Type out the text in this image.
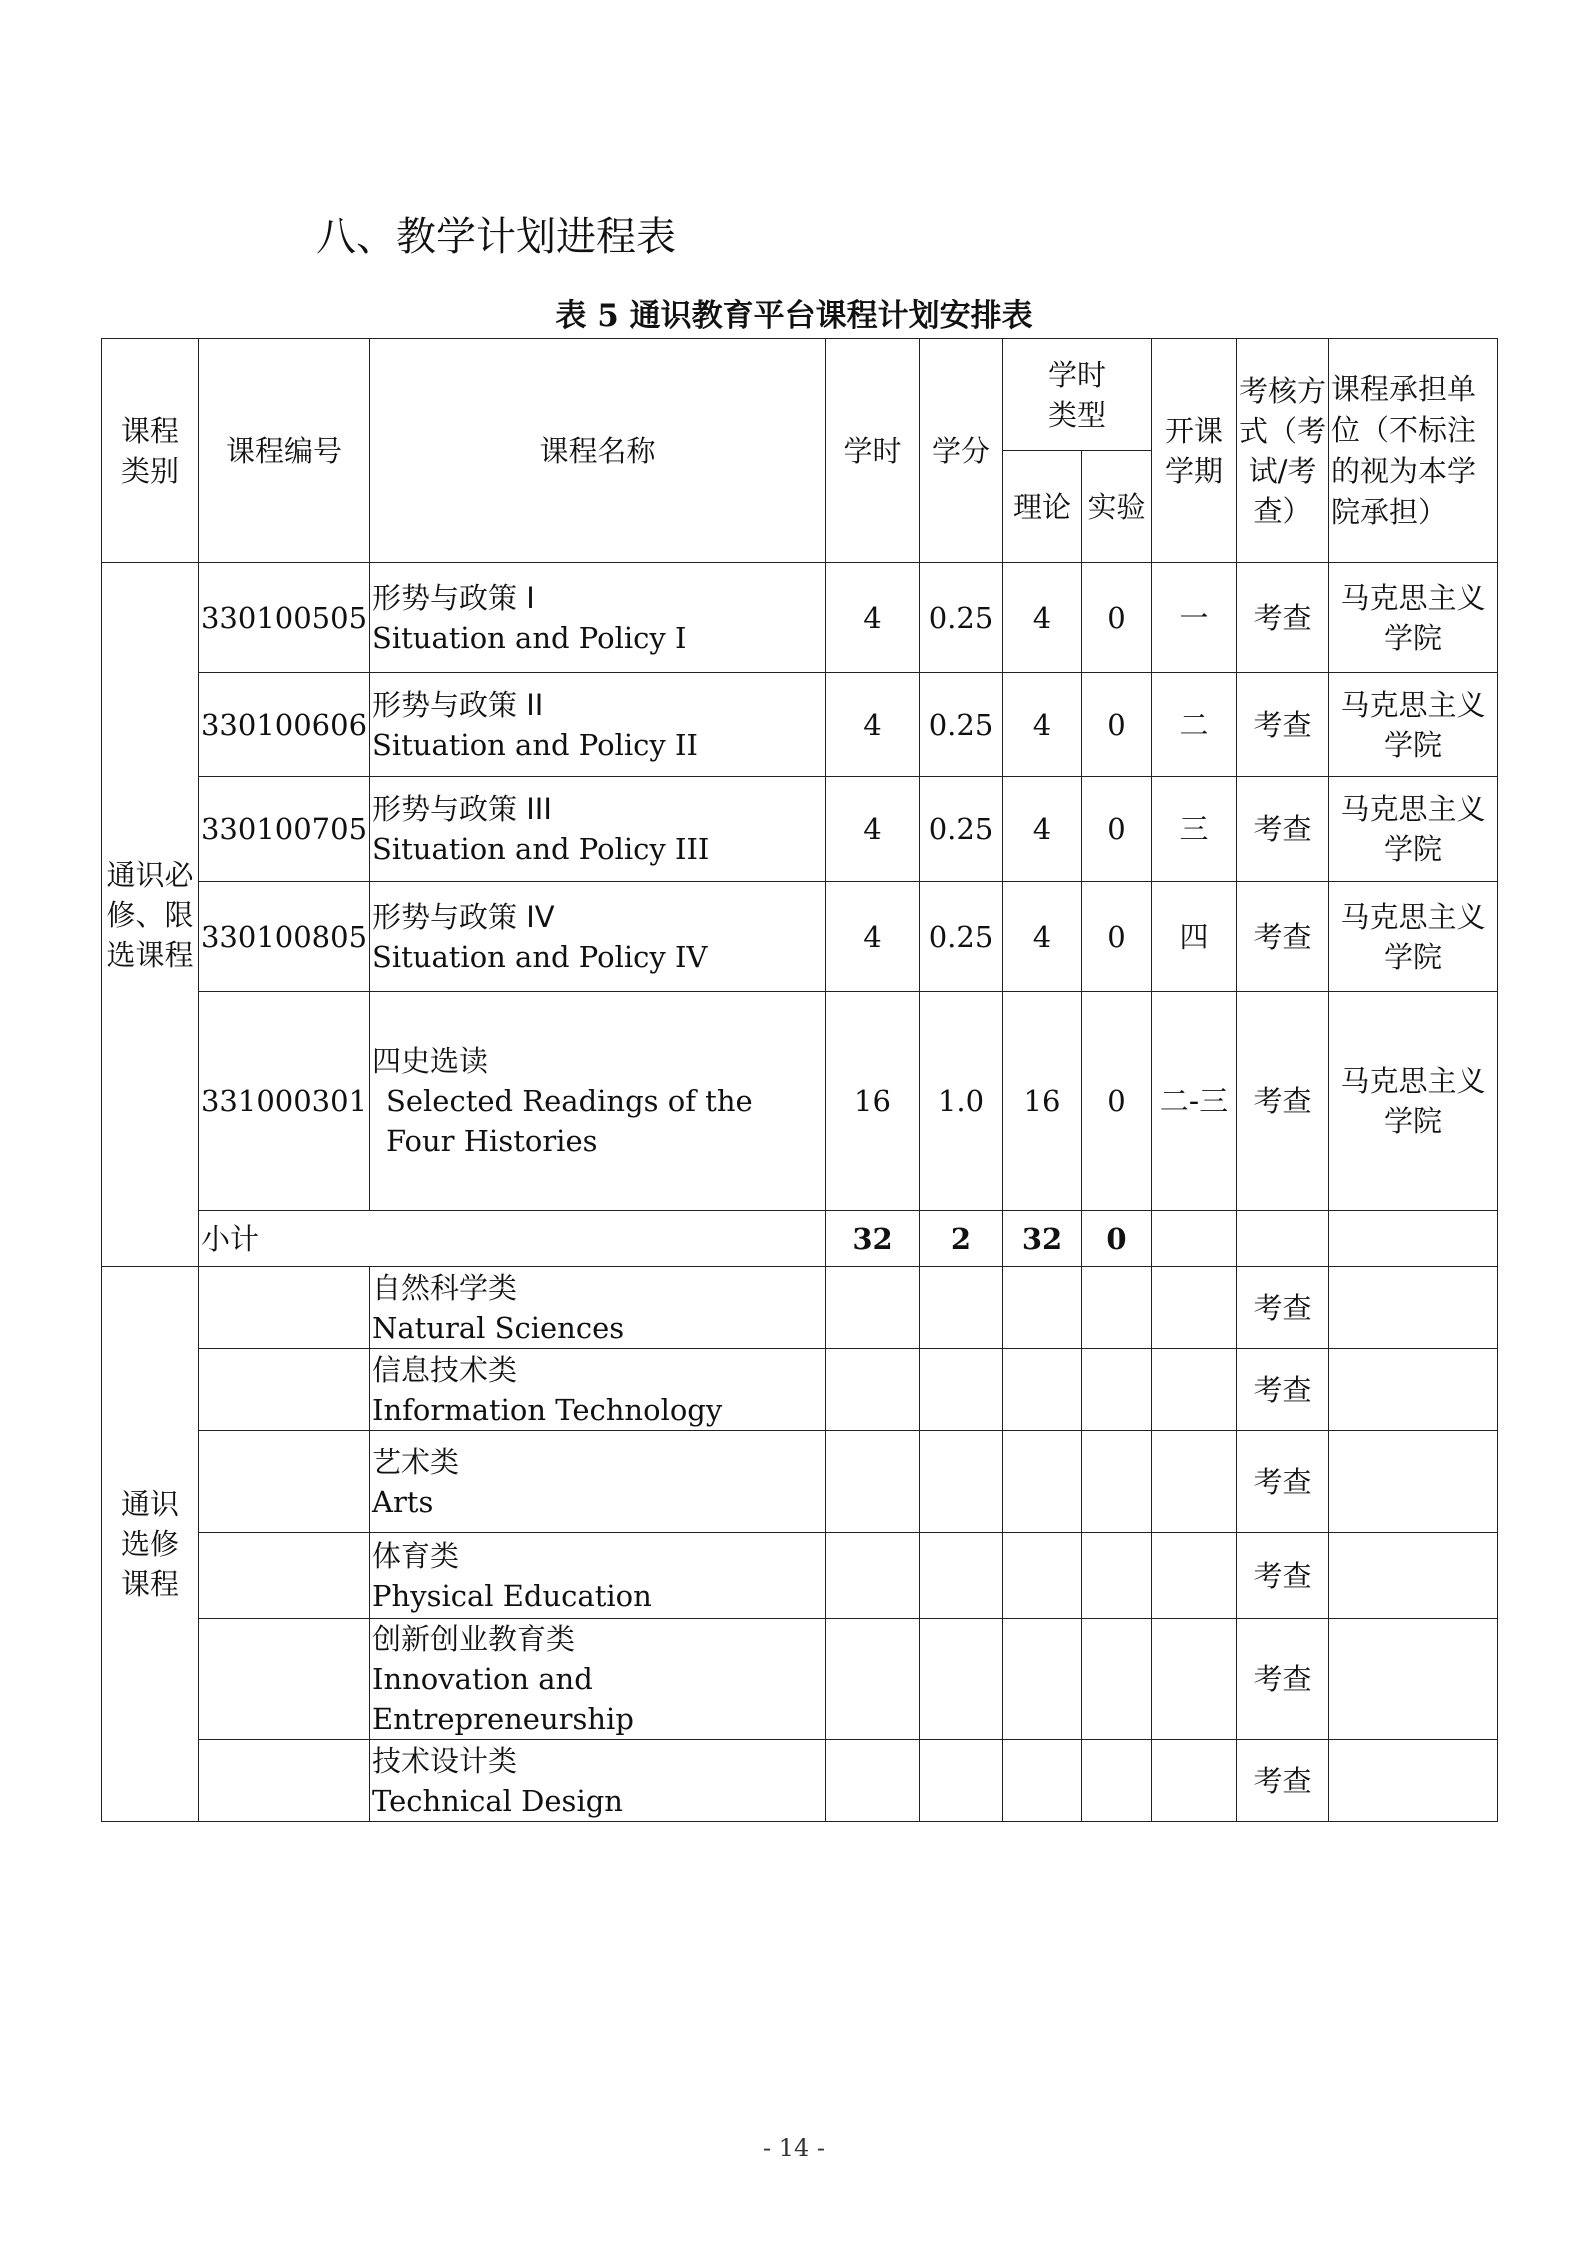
八、教学计划进程表

表 5 通识教育平台课程计划安排表

课程类别	课程编号	课程名称	学时	学分	学时类型		开课学期	考核方式（考试/考查）	课程承担单位（不标注的视为本学院承担）
					理论	实验			
通识必修、限选课程	330100505	形势与政策 I
Situation and Policy I	4	0.25	4	0	一	考查	马克思主义学院
	330100606	形势与政策 II
Situation and Policy II	4	0.25	4	0	二	考查	马克思主义学院
	330100705	形势与政策 III
Situation and Policy III	4	0.25	4	0	三	考查	马克思主义学院
	330100805	形势与政策 IV
Situation and Policy IV	4	0.25	4	0	四	考查	马克思主义学院
	331000301	四史选读
Selected Readings of the Four Histories	16	1.0	16	0	二-三	考查	马克思主义学院
	小计		32	2	32	0			
通识选修课程		自然科学类
Natural Sciences						考查	

		信息技术类
Information Technology						考查	

		艺术类
Arts						考查	

		体育类
Physical Education						考查	

		创新创业教育类
Innovation and Entrepreneurship						考查	

		技术设计类
Technical Design						考查	
- 14 -
